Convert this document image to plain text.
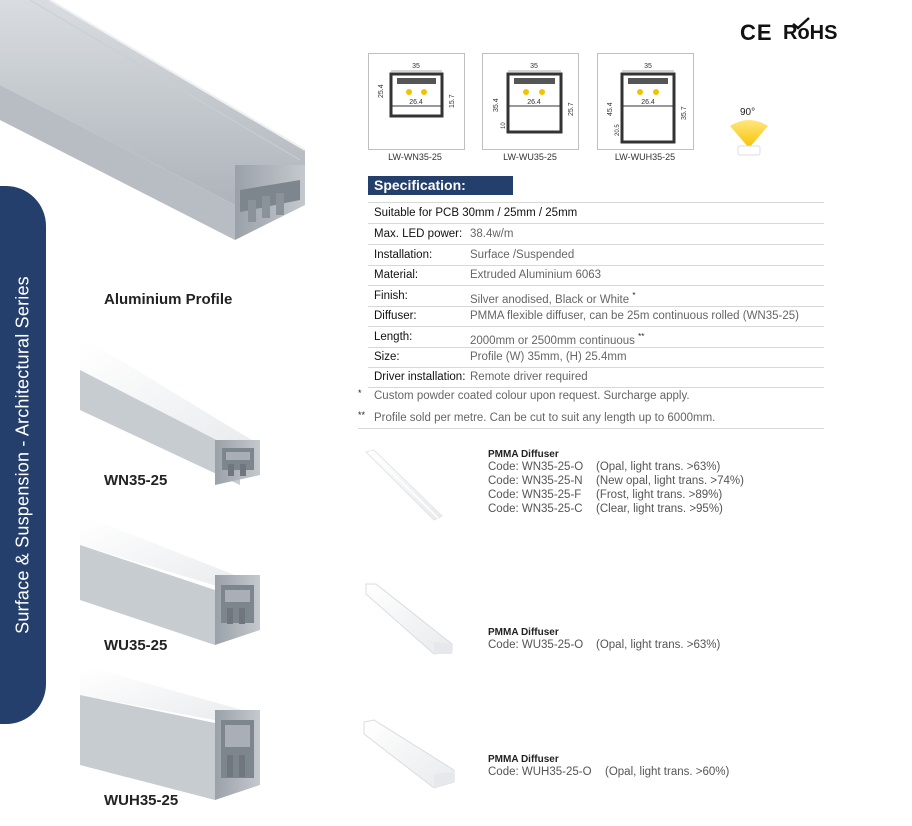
Surface & Suspension - Architectural Series
CE RoHS
Aluminium Profile
WN35-25
WU35-25
WUH35-25
35
26.4
25.4
15.7
LW-WN35-25
35
26.4
35.4
10
25.7
LW-WU35-25
35
26.4
45.4
20.5
35.7
LW-WUH35-25
90°
Specification:
Suitable for PCB 30mm / 25mm / 25mm
Max. LED power: 38.4w/m
Installation:	Surface /Suspended
Material:	Extruded Aluminium 6063
Finish:	Silver anodised, Black or White *
Diffuser:	PMMA flexible diffuser, can be 25m continuous rolled (WN35-25)
Length:	2000mm or 2500mm continuous **
Size:	Profile (W) 35mm, (H) 25.4mm
Driver installation: Remote driver required
* Custom powder coated colour upon request. Surcharge apply.
** Profile sold per metre. Can be cut to suit any length up to 6000mm.
PMMA Diffuser
Code: WN35-25-O (Opal, light trans. >63%)
Code: WN35-25-N (New opal, light trans. >74%)
Code: WN35-25-F (Frost, light trans. >89%)
Code: WN35-25-C (Clear, light trans. >95%)
PMMA Diffuser
Code: WU35-25-O (Opal, light trans. >63%)
PMMA Diffuser
Code: WUH35-25-O (Opal, light trans. >60%)
